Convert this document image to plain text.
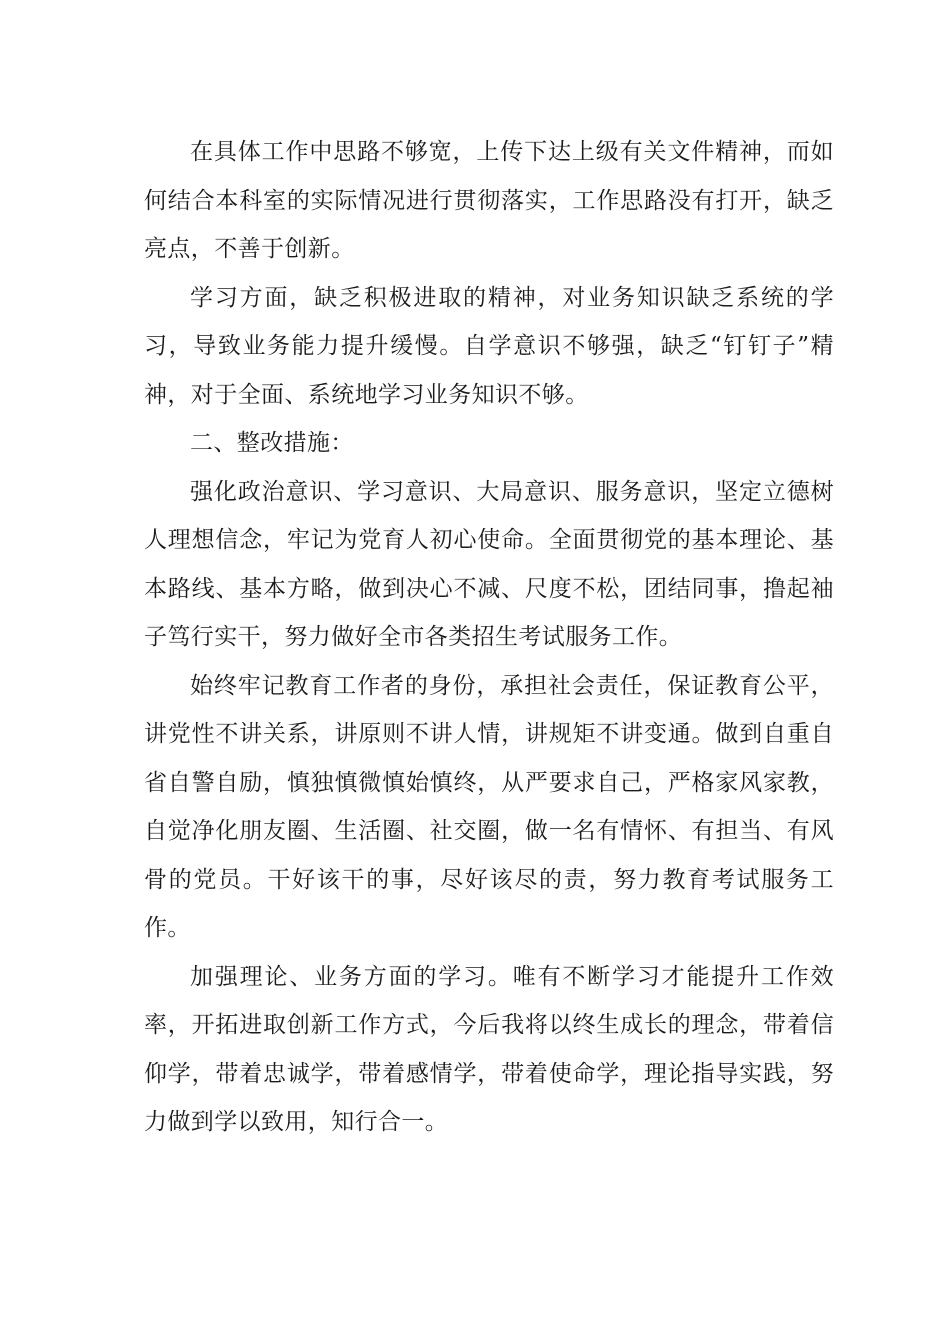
在具体工作中思路不够宽，上传下达上级有关文件精神，而如何结合本科室的实际情况进行贯彻落实，工作思路没有打开，缺乏亮点，不善于创新。

学习方面，缺乏积极进取的精神，对业务知识缺乏系统的学习，导致业务能力提升缓慢。自学意识不够强，缺乏“钉钉子”精神，对于全面、系统地学习业务知识不够。

二、整改措施：

强化政治意识、学习意识、大局意识、服务意识，坚定立德树人理想信念，牢记为党育人初心使命。全面贯彻党的基本理论、基本路线、基本方略，做到决心不减、尺度不松，团结同事，撸起袖子笃行实干，努力做好全市各类招生考试服务工作。

始终牢记教育工作者的身份，承担社会责任，保证教育公平，讲党性不讲关系，讲原则不讲人情，讲规矩不讲变通。做到自重自省自警自励，慎独慎微慎始慎终，从严要求自己，严格家风家教，自觉净化朋友圈、生活圈、社交圈，做一名有情怀、有担当、有风骨的党员。干好该干的事，尽好该尽的责，努力教育考试服务工作。

加强理论、业务方面的学习。唯有不断学习才能提升工作效率，开拓进取创新工作方式，今后我将以终生成长的理念，带着信仰学，带着忠诚学，带着感情学，带着使命学，理论指导实践，努力做到学以致用，知行合一。
